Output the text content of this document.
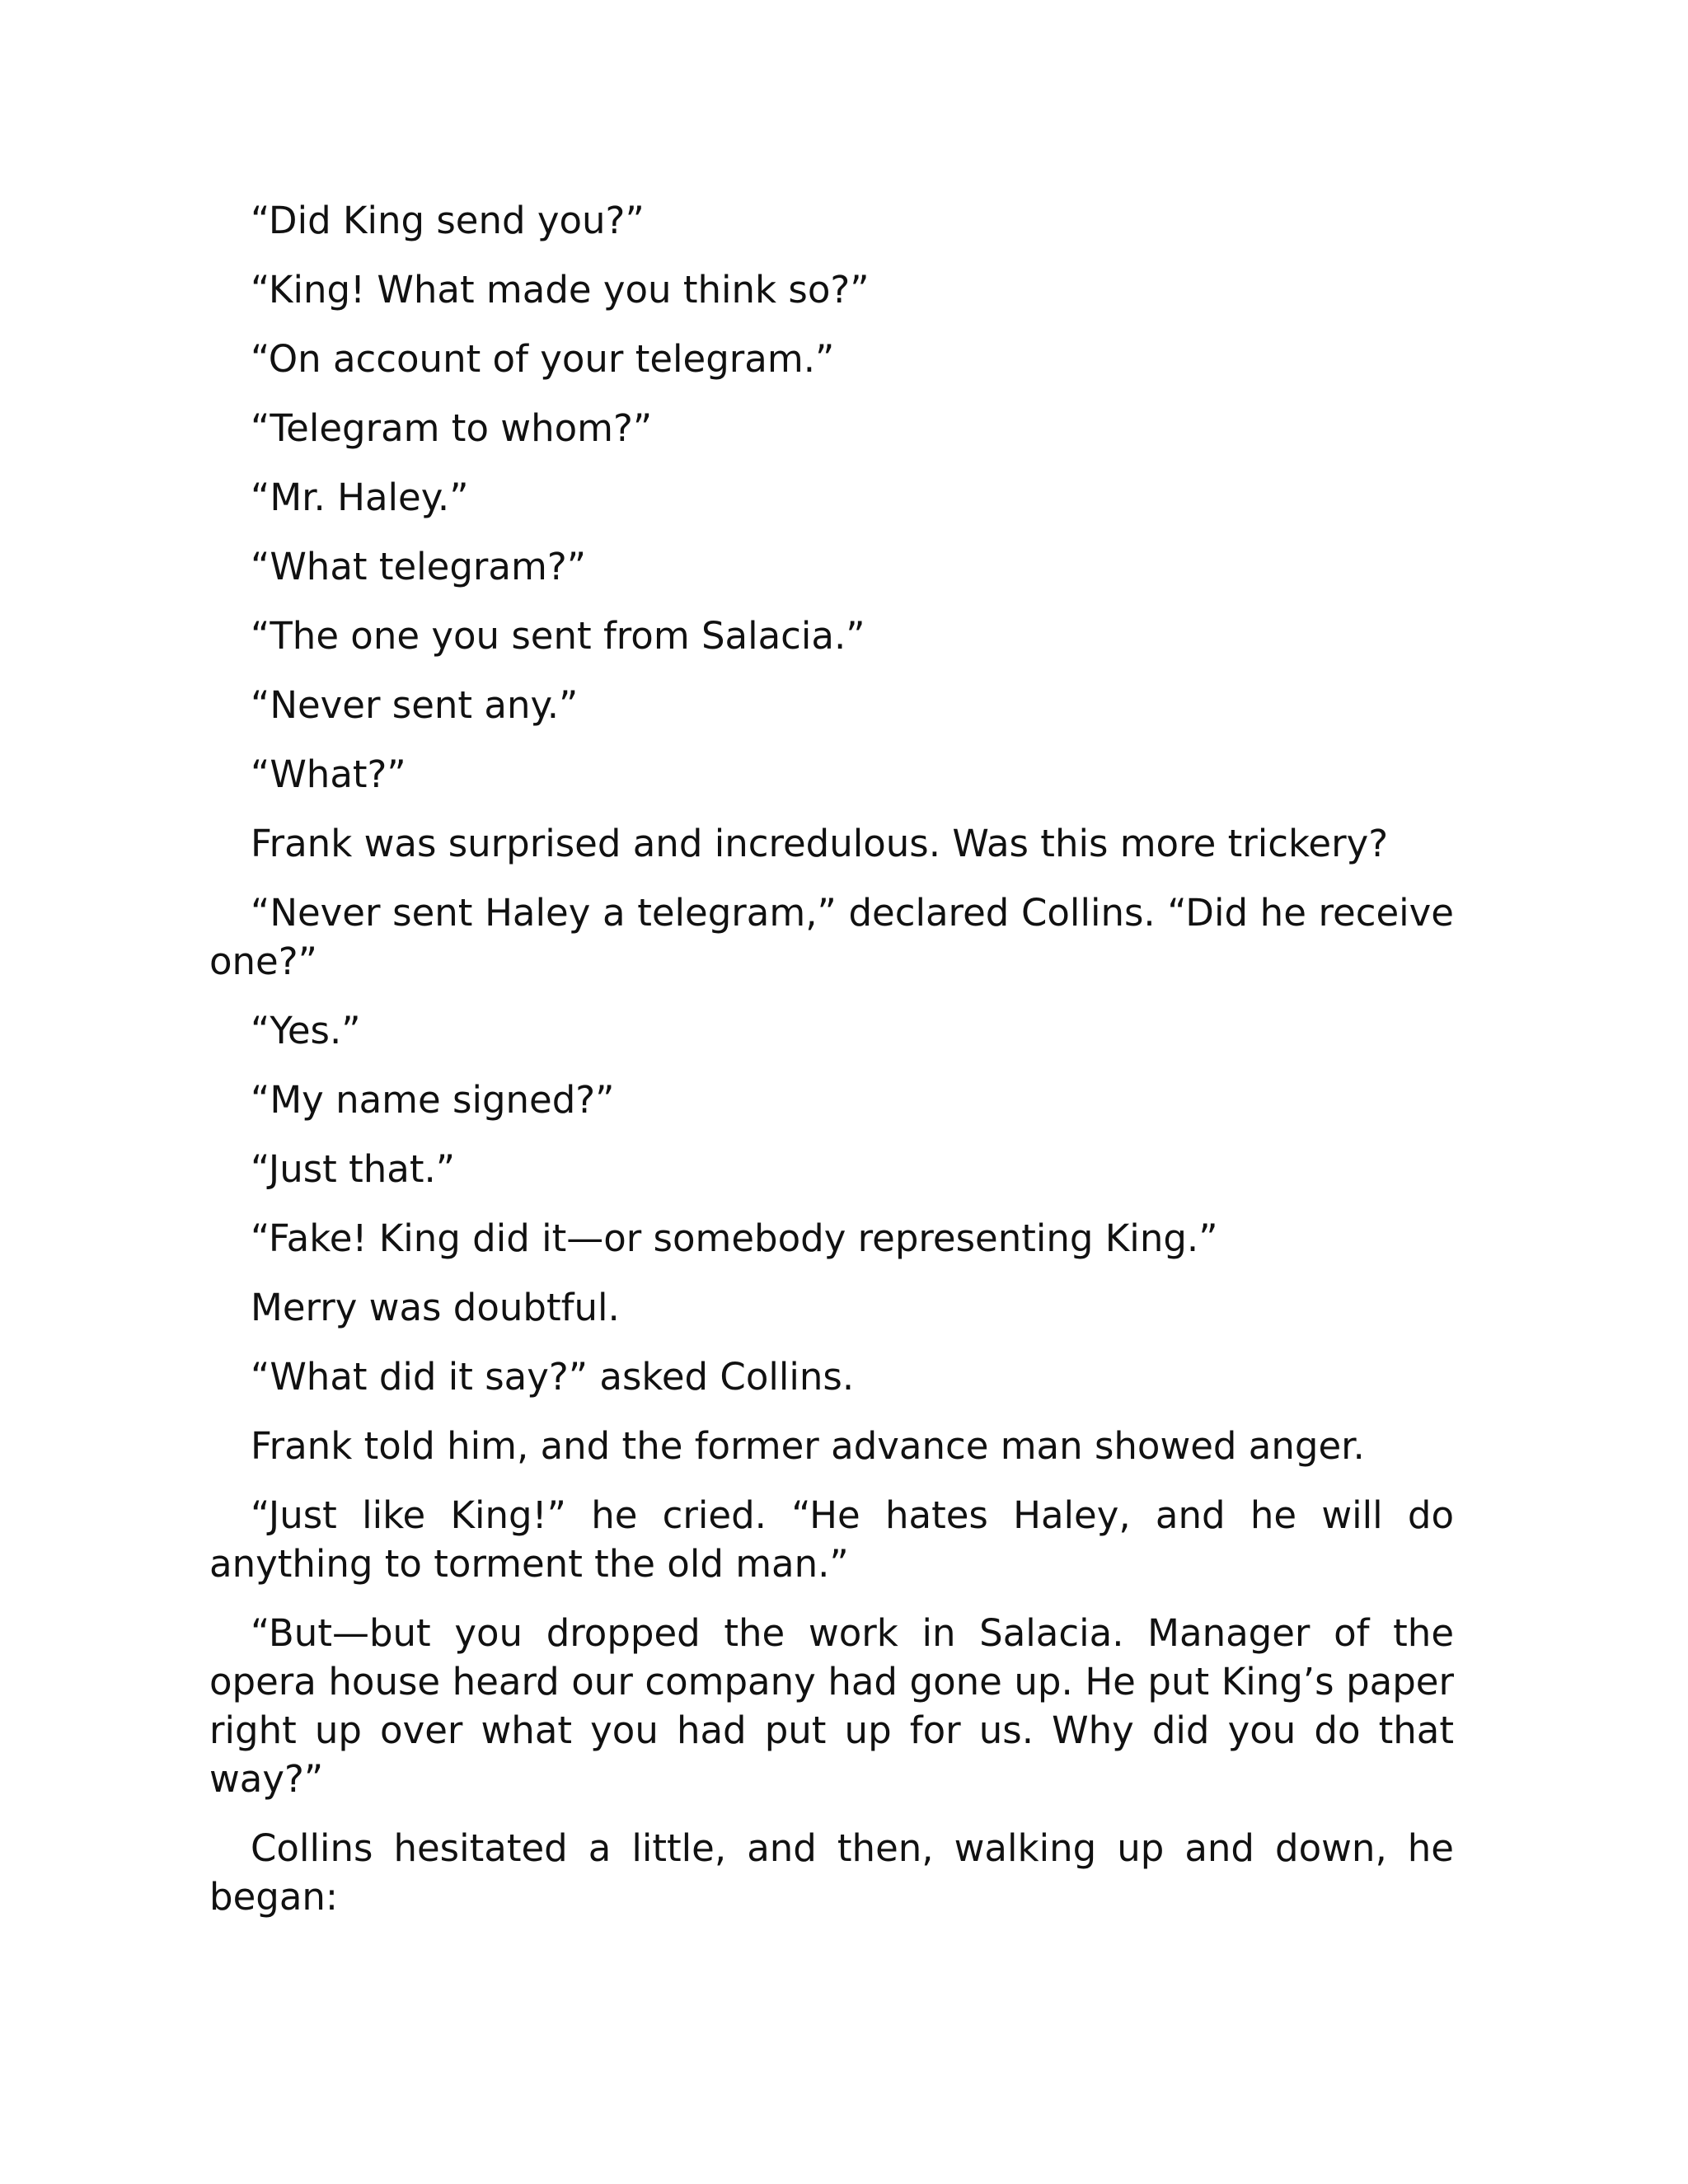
“Did King send you?”

“King! What made you think so?”

“On account of your telegram.”

“Telegram to whom?”

“Mr. Haley.”

“What telegram?”

“The one you sent from Salacia.”

“Never sent any.”

“What?”

Frank was surprised and incredulous. Was this more trickery?

“Never sent Haley a telegram,” declared Collins. “Did he receive one?”

“Yes.”

“My name signed?”

“Just that.”

“Fake! King did it—or somebody representing King.”

Merry was doubtful.

“What did it say?” asked Collins.

Frank told him, and the former advance man showed anger.

“Just like King!” he cried. “He hates Haley, and he will do anything to torment the old man.”

“But—but you dropped the work in Salacia. Manager of the opera house heard our company had gone up. He put King’s paper right up over what you had put up for us. Why did you do that way?”

Collins hesitated a little, and then, walking up and down, he began:
